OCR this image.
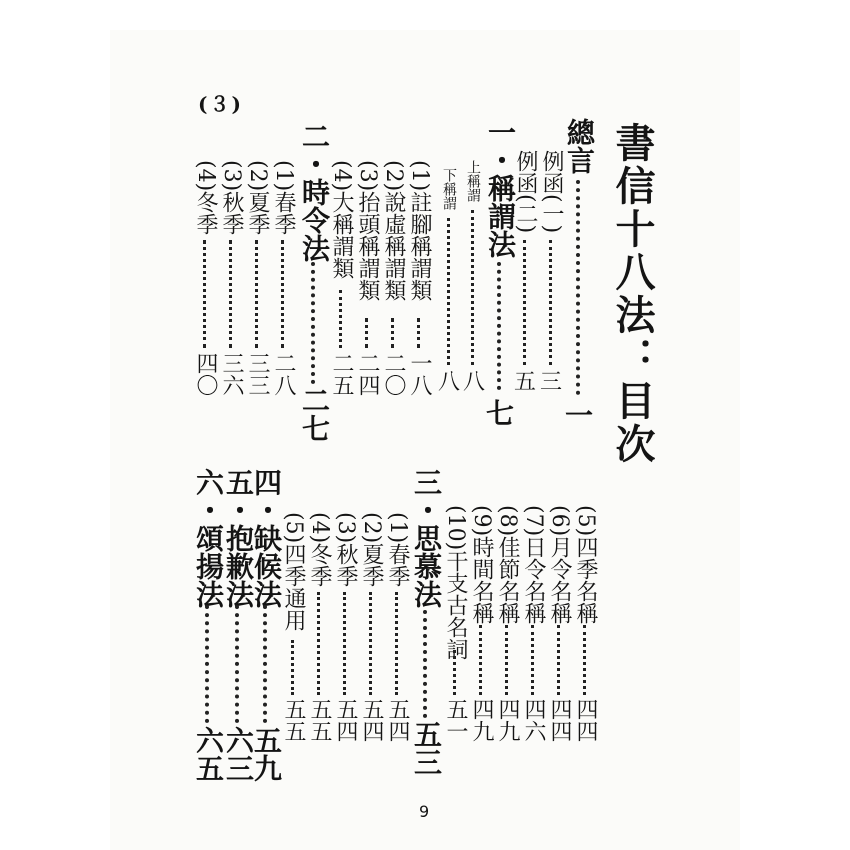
(３)
書信十八法：目次
總言
一
例函(一)
三
例函(二)
五
一・稱謂法
七
上稱謂
八
下稱謂
八
(1)註腳稱謂類
一八
(2)說虛稱謂類
二〇
(3)抬頭稱謂類
二四
(4)大稱謂類
二五
二・時令法
二七
(1)春季
二八
(2)夏季
三三
(3)秋季
三六
(4)冬季
四〇
(5)四季名稱
四四
(6)月令名稱
四四
(7)日令名稱
四六
(8)佳節名稱
四九
(9)時間名稱
四九
(10)干支古名詞
五一
三・思慕法
五三
(1)春季
五四
(2)夏季
五四
(3)秋季
五四
(4)冬季
五五
(5)四季通用
五五
四・缺候法
五九
五・抱歉法
六三
六・頌揚法
六五
9
